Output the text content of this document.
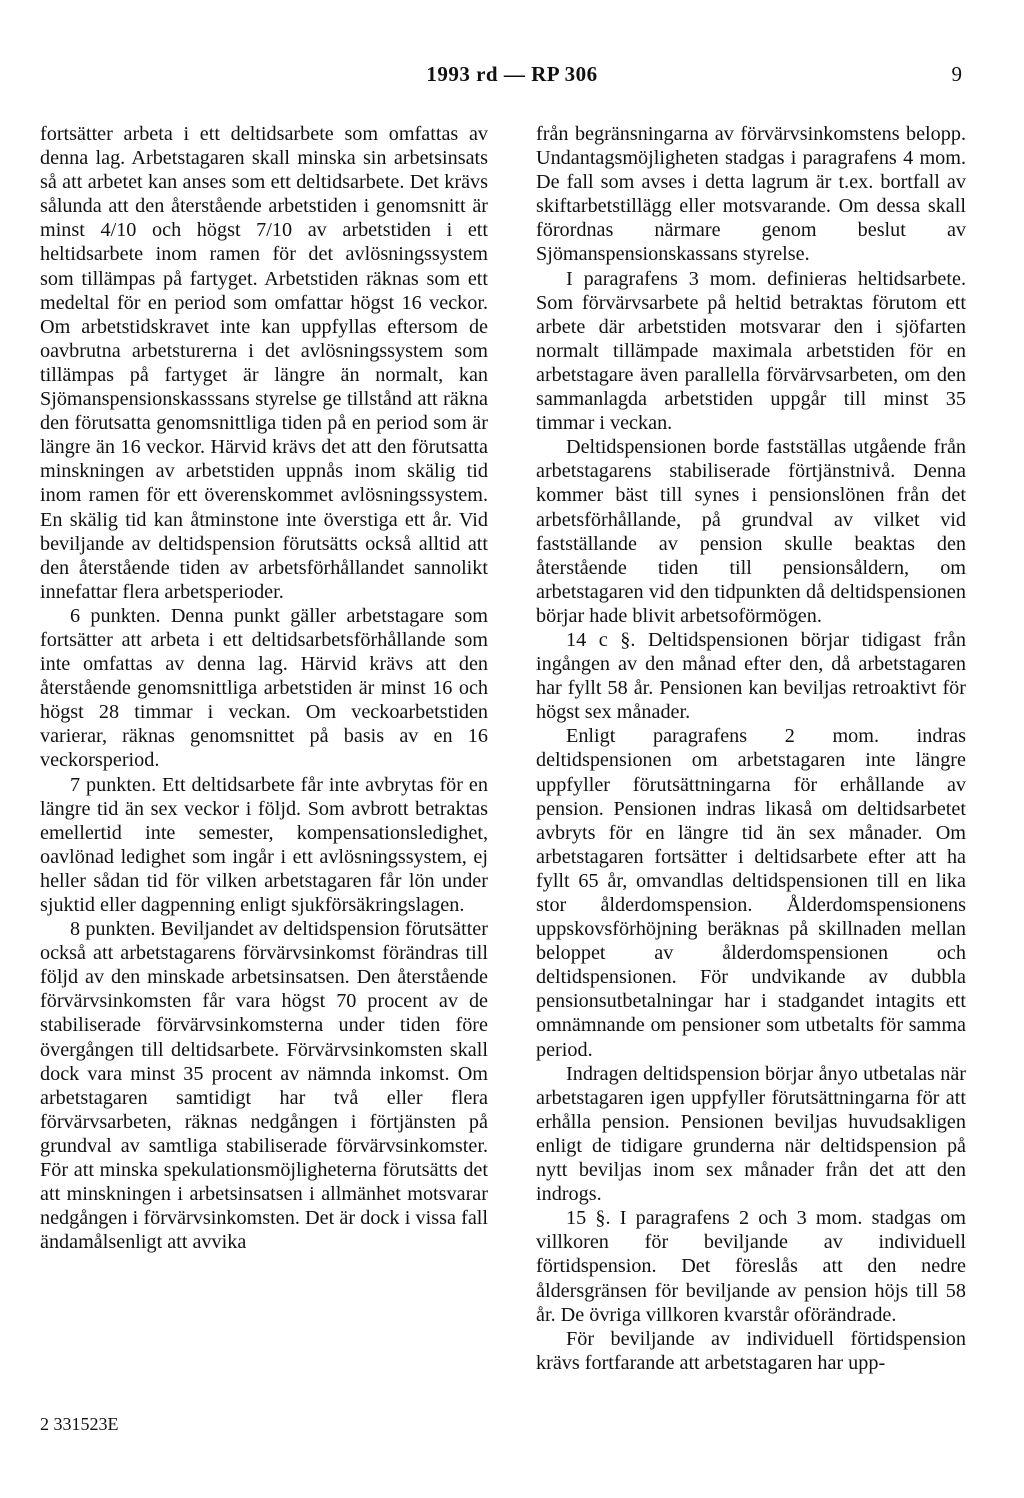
1993 rd — RP 306	9

fortsätter arbeta i ett deltidsarbete som omfattas av denna lag. Arbetstagaren skall minska sin arbetsinsats så att arbetet kan anses som ett deltidsarbete. Det krävs sålunda att den återstående arbetstiden i genomsnitt är minst 4/10 och högst 7/10 av arbetstiden i ett heltidsarbete inom ramen för det avlösningssystem som tillämpas på fartyget. Arbetstiden räknas som ett medeltal för en period som omfattar högst 16 veckor. Om arbetstidskravet inte kan uppfyllas eftersom de oavbrutna arbetsturerna i det avlösningssystem som tillämpas på fartyget är längre än normalt, kan Sjömanspensionskasssans styrelse ge tillstånd att räkna den förutsatta genomsnittliga tiden på en period som är längre än 16 veckor. Härvid krävs det att den förutsatta minskningen av arbetstiden uppnås inom skälig tid inom ramen för ett överenskommet avlösningssystem. En skälig tid kan åtminstone inte överstiga ett år. Vid beviljande av deltidspension förutsätts också alltid att den återstående tiden av arbetsförhållandet sannolikt innefattar flera arbetsperioder.

6 punkten. Denna punkt gäller arbetstagare som fortsätter att arbeta i ett deltidsarbetsförhållande som inte omfattas av denna lag. Härvid krävs att den återstående genomsnittliga arbetstiden är minst 16 och högst 28 timmar i veckan. Om veckoarbetstiden varierar, räknas genomsnittet på basis av en 16 veckorsperiod.

7 punkten. Ett deltidsarbete får inte avbrytas för en längre tid än sex veckor i följd. Som avbrott betraktas emellertid inte semester, kompensationsledighet, oavlönad ledighet som ingår i ett avlösningssystem, ej heller sådan tid för vilken arbetstagaren får lön under sjuktid eller dagpenning enligt sjukförsäkringslagen.

8 punkten. Beviljandet av deltidspension förutsätter också att arbetstagarens förvärvsinkomst förändras till följd av den minskade arbetsinsatsen. Den återstående förvärvsinkomsten får vara högst 70 procent av de stabiliserade förvärvsinkomsterna under tiden före övergången till deltidsarbete. Förvärvsinkomsten skall dock vara minst 35 procent av nämnda inkomst. Om arbetstagaren samtidigt har två eller flera förvärvsarbeten, räknas nedgången i förtjänsten på grundval av samtliga stabiliserade förvärvsinkomster. För att minska spekulationsmöjligheterna förutsätts det att minskningen i arbetsinsatsen i allmänhet motsvarar nedgången i förvärvsinkomsten. Det är dock i vissa fall ändamålsenligt att avvika

från begränsningarna av förvärvsinkomstens belopp. Undantagsmöjligheten stadgas i paragrafens 4 mom. De fall som avses i detta lagrum är t.ex. bortfall av skiftarbetstillägg eller motsvarande. Om dessa skall förordnas närmare genom beslut av Sjömanspensionskassans styrelse.

I paragrafens 3 mom. definieras heltidsarbete. Som förvärvsarbete på heltid betraktas förutom ett arbete där arbetstiden motsvarar den i sjöfarten normalt tillämpade maximala arbetstiden för en arbetstagare även parallella förvärvsarbeten, om den sammanlagda arbetstiden uppgår till minst 35 timmar i veckan.

Deltidspensionen borde fastställas utgående från arbetstagarens stabiliserade förtjänstnivå. Denna kommer bäst till synes i pensionslönen från det arbetsförhållande, på grundval av vilket vid fastställande av pension skulle beaktas den återstående tiden till pensionsåldern, om arbetstagaren vid den tidpunkten då deltidspensionen börjar hade blivit arbetsoförmögen.

14 c §. Deltidspensionen börjar tidigast från ingången av den månad efter den, då arbetstagaren har fyllt 58 år. Pensionen kan beviljas retroaktivt för högst sex månader.

Enligt paragrafens 2 mom. indras deltidspensionen om arbetstagaren inte längre uppfyller förutsättningarna för erhållande av pension. Pensionen indras likaså om deltidsarbetet avbryts för en längre tid än sex månader. Om arbetstagaren fortsätter i deltidsarbete efter att ha fyllt 65 år, omvandlas deltidspensionen till en lika stor ålderdomspension. Ålderdomspensionens uppskovsförhöjning beräknas på skillnaden mellan beloppet av ålderdomspensionen och deltidspensionen. För undvikande av dubbla pensionsutbetalningar har i stadgandet intagits ett omnämnande om pensioner som utbetalts för samma period.

Indragen deltidspension börjar ånyo utbetalas när arbetstagaren igen uppfyller förutsättningarna för att erhålla pension. Pensionen beviljas huvudsakligen enligt de tidigare grunderna när deltidspension på nytt beviljas inom sex månader från det att den indrogs.

15 §. I paragrafens 2 och 3 mom. stadgas om villkoren för beviljande av individuell förtidspension. Det föreslås att den nedre åldersgränsen för beviljande av pension höjs till 58 år. De övriga villkoren kvarstår oförändrade.

För beviljande av individuell förtidspension krävs fortfarande att arbetstagaren har upp-

2 331523E
